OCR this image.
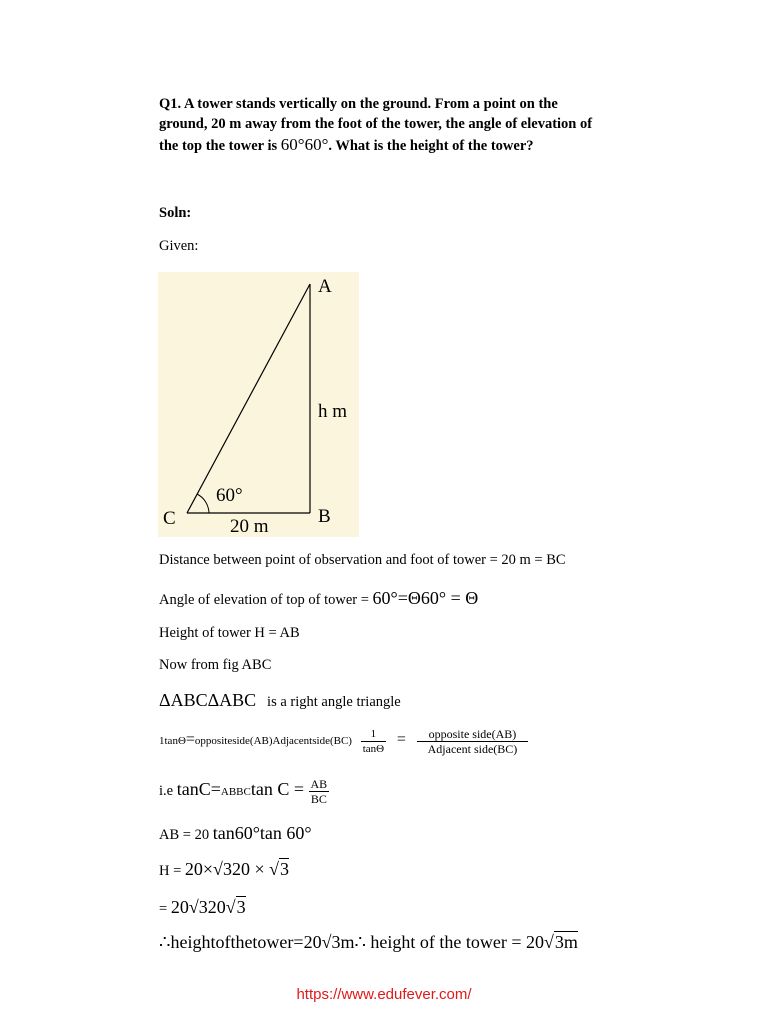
Q1. A tower stands vertically on the ground. From a point on the
ground, 20 m away from the foot of the tower, the angle of elevation of
the top the tower is 60°60°. What is the height of the tower?
Soln:
Given:
A
B
C
h m
60°
20 m
Distance between point of observation and foot of tower = 20 m = BC
Angle of elevation of top of tower = 60°=Θ60° = Θ
Height of tower H = AB
Now from fig ABC
ΔABCΔABC is a right angle triangle
1tanΘ=oppositeside(AB)Adjacentside(BC) $\frac{1}{\tan\Theta} = \frac{\text{opposite side(AB)}}{\text{Adjacent side(BC)}}$
i.e tanC=ABBCtan $C = \frac{AB}{BC}$
AB = 20 tan60°tan 60°
H = 20×√320 × √3
= 20√320√3
∴heightofthetower=20√3m∴ height of the tower = 20√3m
https://www.edufever.com/
